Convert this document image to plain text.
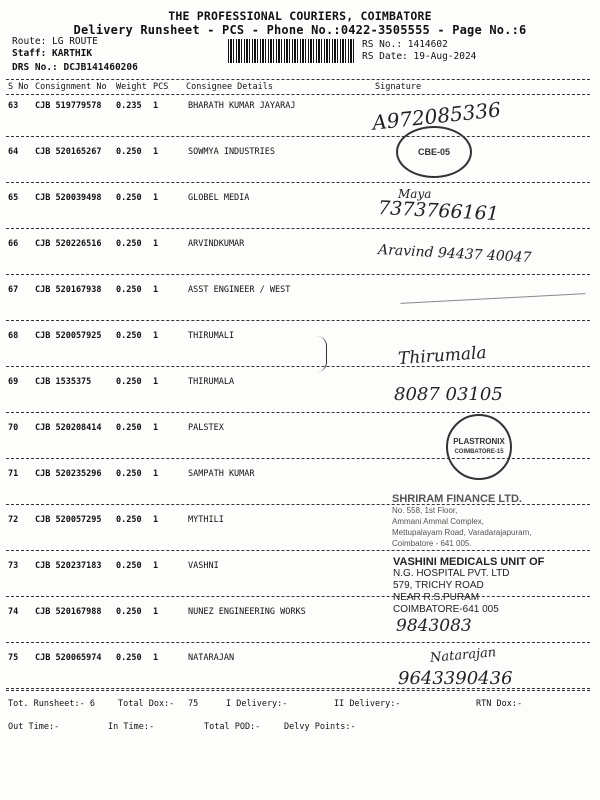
THE PROFESSIONAL COURIERS, COIMBATORE
Delivery Runsheet - PCS - Phone No.:0422-3505555 - Page No.:6
Route: LG ROUTE
Staff: KARTHIK
DRS No.: DCJB141460206
RS No.: 1414602
RS Date: 19-Aug-2024
S No Consignment No Weight PCS Consignee Details	Signature
63 CJB 519779578 0.235 1	BHARATH KUMAR JAYARAJ
64 CJB 520165267 0.250 1	SOWMYA INDUSTRIES
65 CJB 520039498 0.250 1	GLOBEL MEDIA
66 CJB 520226516 0.250 1	ARVINDKUMAR
67 CJB 520167938 0.250 1	ASST ENGINEER / WEST
68 CJB 520057925 0.250 1	THIRUMALI
69 CJB 1535375	0.250 1	THIRUMALA
70 CJB 520208414 0.250 1	PALSTEX
71 CJB 520235296 0.250 1	SAMPATH KUMAR
72 CJB 520057295 0.250 1	MYTHILI
73 CJB 520237183 0.250 1	VASHNI
74 CJB 520167988 0.250 1	NUNEZ ENGINEERING WORKS
75 CJB 520065974 0.250 1	NATARAJAN
Tot. Runsheet:- 6	Total Dox:- 75	I Delivery:-	II Delivery:-	RTN Dox:-
Out Time:-	In Time:-	Total POD:-	Delvy Points:-
A972085336
CBE-05
Maya
7373766161
Aravind 94437 40047
Thirumala
8087 03105
PLASTRONIX
COIMBATORE-15
SHRIRAM FINANCE LTD.
No. 558, 1st Floor,
Ammani Ammal Complex,
Mettupalayam Road, Varadarajapuram,
Coimbatore - 641 005.
VASHINI MEDICALS UNIT OF
N.G. HOSPITAL PVT. LTD
579, TRICHY ROAD
NEAR R.S.PURAM
COIMBATORE-641 005
9843083
Natarajan
9643390436
